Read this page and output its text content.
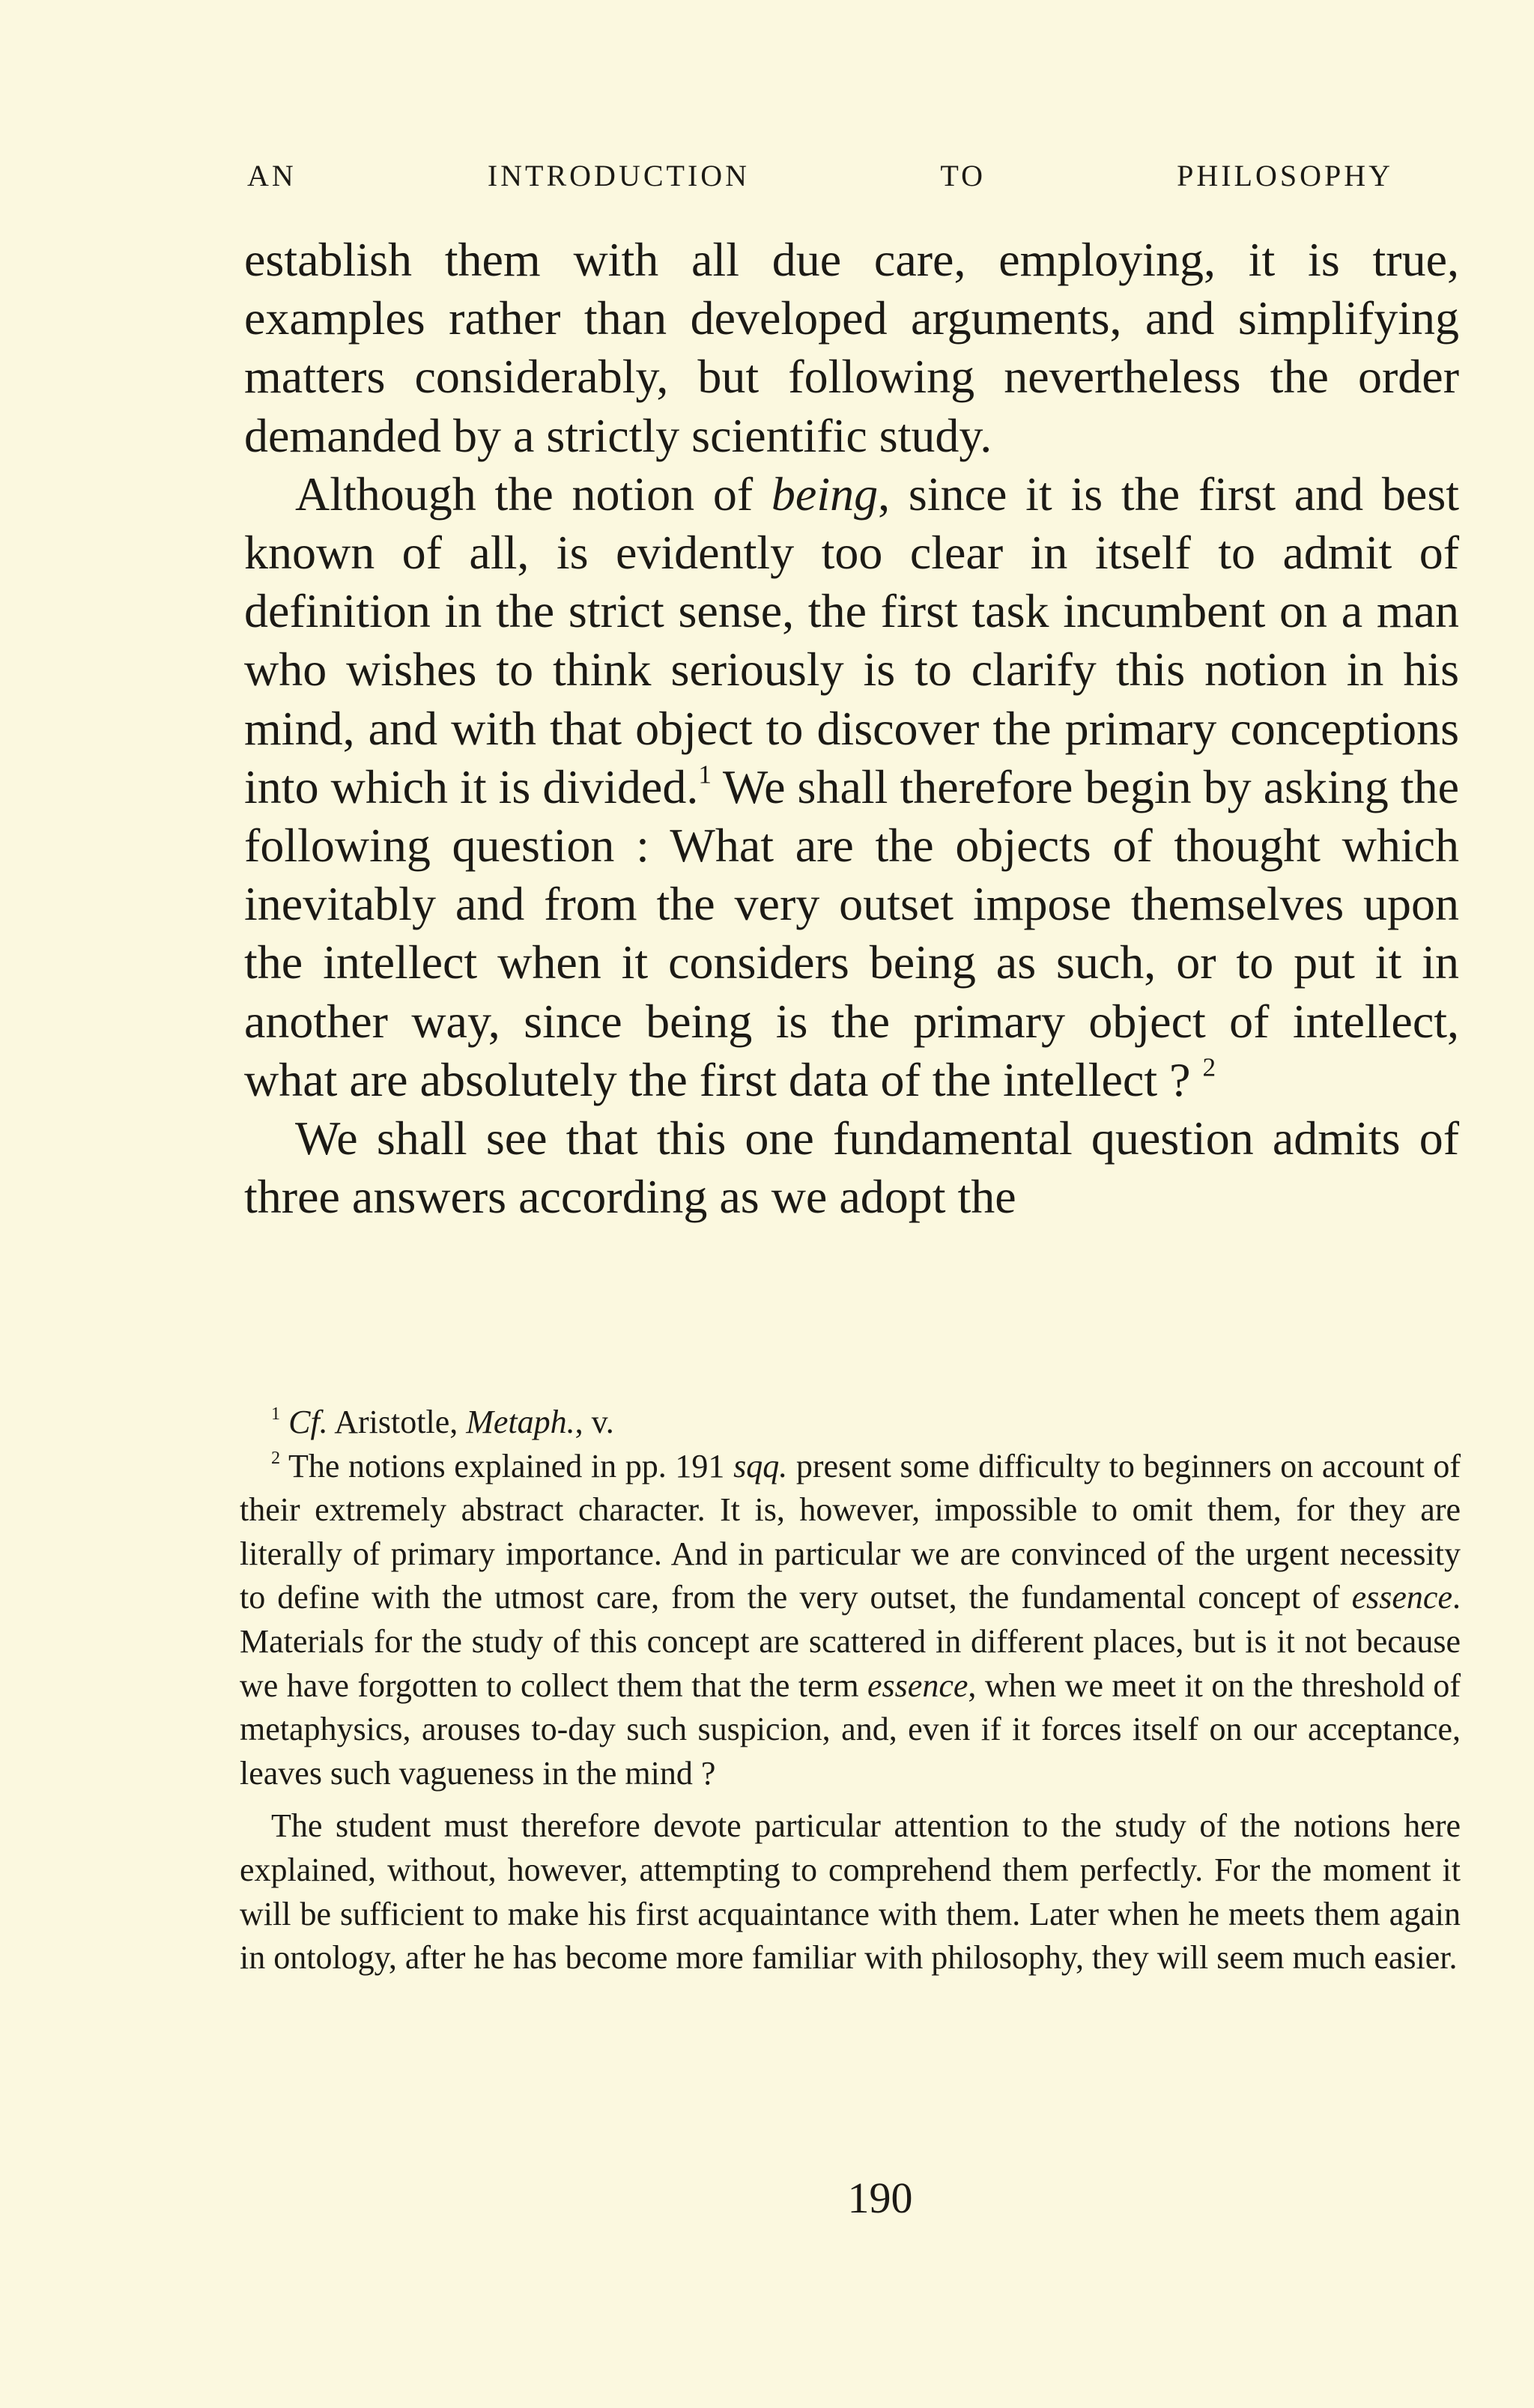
AN INTRODUCTION TO PHILOSOPHY

establish them with all due care, employing, it is true, examples rather than developed arguments, and simplifying matters considerably, but following nevertheless the order demanded by a strictly scientific study.

Although the notion of being, since it is the first and best known of all, is evidently too clear in itself to admit of definition in the strict sense, the first task incumbent on a man who wishes to think seriously is to clarify this notion in his mind, and with that object to discover the primary conceptions into which it is divided.$^1$ We shall therefore begin by asking the following question : What are the objects of thought which inevitably and from the very outset impose themselves upon the intellect when it considers being as such, or to put it in another way, since being is the primary object of intellect, what are absolutely the first data of the intellect ? $^2$

We shall see that this one fundamental question admits of three answers according as we adopt the

$^1$ Cf. Aristotle, Metaph., v.

$^2$ The notions explained in pp. 191 sqq. present some difficulty to beginners on account of their extremely abstract character. It is, however, impossible to omit them, for they are literally of primary importance. And in particular we are convinced of the urgent necessity to define with the utmost care, from the very outset, the fundamental concept of essence. Materials for the study of this concept are scattered in different places, but is it not because we have forgotten to collect them that the term essence, when we meet it on the threshold of metaphysics, arouses to-day such suspicion, and, even if it forces itself on our acceptance, leaves such vagueness in the mind ?

The student must therefore devote particular attention to the study of the notions here explained, without, however, attempting to comprehend them perfectly. For the moment it will be sufficient to make his first acquaintance with them. Later when he meets them again in ontology, after he has become more familiar with philosophy, they will seem much easier.

190
